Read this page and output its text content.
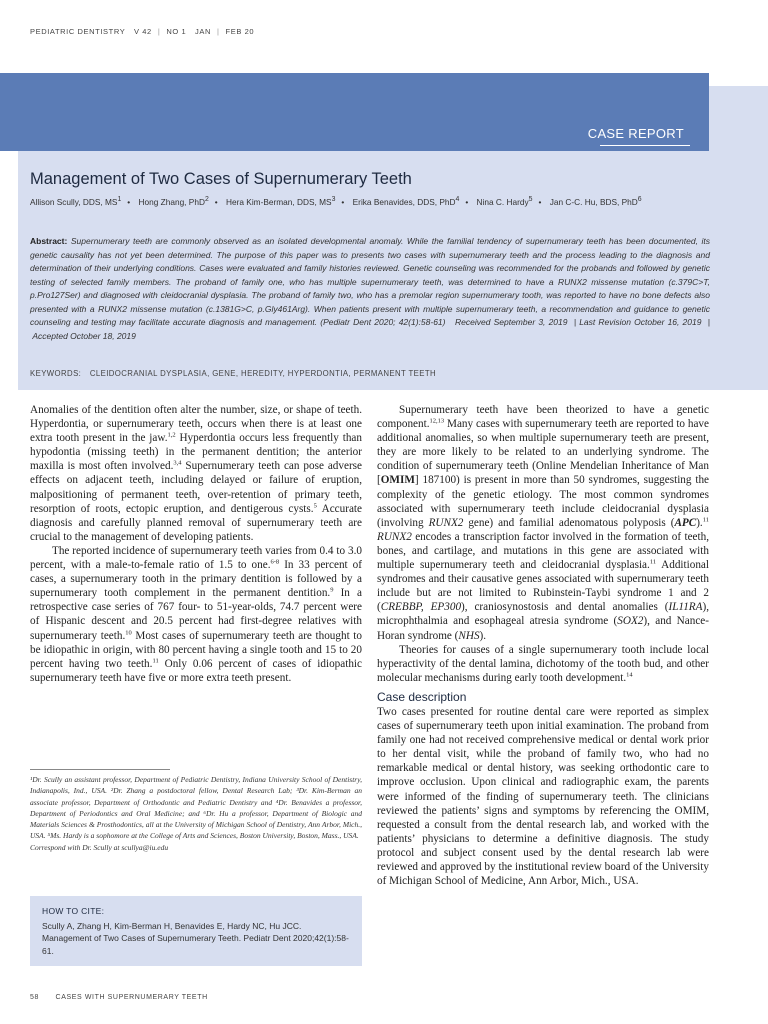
PEDIATRIC DENTISTRY V 42 | NO 1 JAN | FEB 20
CASE REPORT
Management of Two Cases of Supernumerary Teeth
Allison Scully, DDS, $MS^1$ • Hong Zhang, PhD$^2$ • Hera Kim-Berman, DDS, $MS^3$ • Erika Benavides, DDS, PhD$^4$ • Nina C. Hardy$^5$ • Jan C-C. Hu, BDS, PhD$^6$
Abstract: Supernumerary teeth are commonly observed as an isolated developmental anomaly. While the familial tendency of supernumerary teeth has been documented, its genetic causality has not yet been determined. The purpose of this paper was to presents two cases with supernumerary teeth and the process leading to the diagnosis and determination of their underlying conditions. Cases were evaluated and family histories reviewed. Genetic counseling was recommended for the probands and followed by genetic testing of selected family members. The proband of family one, who has multiple supernumerary teeth, was determined to have a RUNX2 missense mutation (c.379C>T, p.Pro127Ser) and diagnosed with cleidocranial dysplasia. The proband of family two, who has a premolar region supernumerary tooth, was reported to have no bone defects also presented with a RUNX2 missense mutation (c.1381G>C, p.Gly461Arg). When patients present with multiple supernumerary teeth, a recommendation and guidance to genetic counseling and testing may facilitate accurate diagnosis and management. (Pediatr Dent 2020; 42(1):58-61) Received September 3, 2019  | Last Revision October 16, 2019  | Accepted October 18, 2019
KEYWORDS: CLEIDOCRANIAL DYSPLASIA, GENE, HEREDITY, HYPERDONTIA, PERMANENT TEETH

Anomalies of the dentition often alter the number, size, or shape of teeth. Hyperdontia, or supernumerary teeth, occurs when there is at least one extra tooth present in the jaw.$^{1,2}$ Hyperdontia occurs less frequently than hypodontia (missing teeth) in the permanent dentition; the anterior maxilla is most often involved.$^{3,4}$ Supernumerary teeth can pose adverse effects on adjacent teeth, including delayed or failure of eruption, malpositioning of permanent teeth, over-retention of primary teeth, resorption of roots, ectopic eruption, and dentigerous cysts.$^5$ Accurate diagnosis and carefully planned removal of supernumerary teeth are crucial to the management of developing patients.

The reported incidence of supernumerary teeth varies from 0.4 to 3.0 percent, with a male-to-female ratio of 1.5 to one.$^{6-8}$ In 33 percent of cases, a supernumerary tooth in the primary dentition is followed by a supernumerary tooth complement in the permanent dentition.$^9$ In a retrospective case series of 767 four- to 51-year-olds, 74.7 percent were of Hispanic descent and 20.5 percent had first-degree relatives with supernumerary teeth.$^{10}$ Most cases of supernumerary teeth are thought to be idiopathic in origin, with 80 percent having a single tooth and 15 to 20 percent having two teeth.$^{11}$ Only 0.06 percent of cases of idiopathic supernumerary teeth have five or more extra teeth present.

¹Dr. Scully an assistant professor, Department of Pediatric Dentistry, Indiana University School of Dentistry, Indianapolis, Ind., USA. ²Dr. Zhang a postdoctoral fellow, Dental Research Lab; ³Dr. Kim-Berman an associate professor, Department of Orthodontic and Pediatric Dentistry and ⁴Dr. Benavides a professor, Department of Periodontics and Oral Medicine; and ⁶Dr. Hu a professor, Department of Biologic and Materials Sciences & Prosthodontics, all at the University of Michigan School of Dentistry, Ann Arbor, Mich., USA. ⁵Ms. Hardy is a sophomore at the College of Arts and Sciences, Boston University, Boston, Mass., USA.

Correspond with Dr. Scully at scullya@iu.edu

HOW TO CITE:
Scully A, Zhang H, Kim-Berman H, Benavides E, Hardy NC, Hu JCC. Management of Two Cases of Supernumerary Teeth. Pediatr Dent 2020;42(1):58-61.

Supernumerary teeth have been theorized to have a genetic component.$^{12,13}$ Many cases with supernumerary teeth are reported to have additional anomalies, so when multiple supernumerary teeth are present, they are more likely to be related to an underlying syndrome. The condition of supernumerary teeth (Online Mendelian Inheritance of Man [OMIM] 187100) is present in more than 50 syndromes, suggesting the complexity of the genetic etiology. The most common syndromes associated with supernumerary teeth include cleidocranial dysplasia (involving RUNX2 gene) and familial adenomatous polyposis (APC).$^{11}$ RUNX2 encodes a transcription factor involved in the formation of teeth, bones, and cartilage, and mutations in this gene are associated with multiple supernumerary teeth and cleidocranial dysplasia.$^{11}$ Additional syndromes and their causative genes associated with supernumerary teeth include but are not limited to Rubinstein-Taybi syndrome 1 and 2 (CREBBP, EP300), craniosynostosis and dental anomalies (IL11RA), microphthalmia and esophageal atresia syndrome (SOX2), and Nance-Horan syndrome (NHS).

Theories for causes of a single supernumerary tooth include local hyperactivity of the dental lamina, dichotomy of the tooth bud, and other molecular mechanisms during early tooth development.$^{14}$

Case description

Two cases presented for routine dental care were reported as simplex cases of supernumerary teeth upon initial examination. The proband from family one had not received comprehensive medical or dental work prior to her dental visit, while the proband of family two, who had no remarkable medical or dental history, was seeking orthodontic care to improve occlusion. Upon clinical and radiographic exam, the parents were informed of the finding of supernumerary teeth. The clinicians reviewed the patients’ signs and symptoms by referencing the OMIM, requested a consult from the dental research lab, and worked with the patients’ physicians to determine a definitive diagnosis. The study protocol and subject consent used by the dental research lab were reviewed and approved by the institutional review board of the University of Michigan School of Medicine, Ann Arbor, Mich., USA.

58 CASES WITH SUPERNUMERARY TEETH
